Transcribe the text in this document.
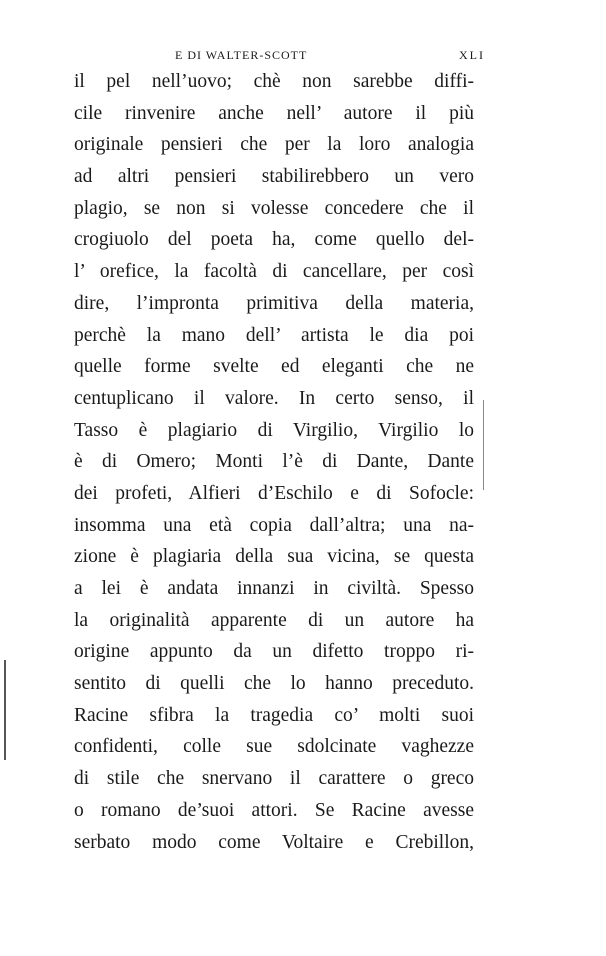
E DI WALTER-SCOTT	XLI
il pel nell’uovo; chè non sarebbe diffi-
cile rinvenire anche nell’ autore il più
originale pensieri che per la loro analogia
ad altri pensieri stabilirebbero un vero
plagio, se non si volesse concedere che il
crogiuolo del poeta ha, come quello del-
l’ orefice, la facoltà di cancellare, per così
dire, l’impronta primitiva della materia,
perchè la mano dell’ artista le dia poi
quelle forme svelte ed eleganti che ne
centuplicano il valore. In certo senso, il
Tasso è plagiario di Virgilio, Virgilio lo
è di Omero; Monti l’è di Dante, Dante
dei profeti, Alfieri d’Eschilo e di Sofocle:
insomma una età copia dall’altra; una na-
zione è plagiaria della sua vicina, se questa
a lei è andata innanzi in civiltà. Spesso
la originalità apparente di un autore ha
origine appunto da un difetto troppo ri-
sentito di quelli che lo hanno preceduto.
Racine sfibra la tragedia co’ molti suoi
confidenti, colle sue sdolcinate vaghezze
di stile che snervano il carattere o greco
o romano de’suoi attori. Se Racine avesse
serbato modo come Voltaire e Crebillon,
